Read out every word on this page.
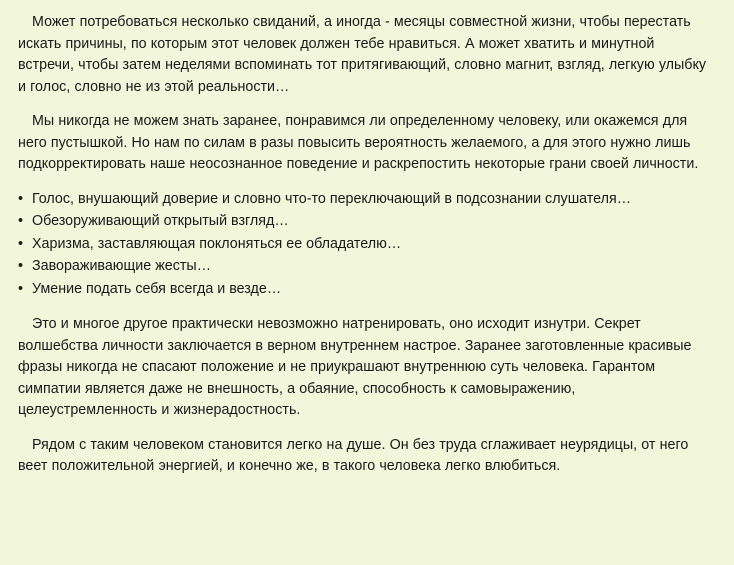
Может потребоваться несколько свиданий, а иногда - месяцы совместной жизни, чтобы перестать искать причины, по которым этот человек должен тебе нравиться. А может хватить и минутной встречи, чтобы затем неделями вспоминать тот притягивающий, словно магнит, взгляд, легкую улыбку и голос, словно не из этой реальности…

Мы никогда не можем знать заранее, понравимся ли определенному человеку, или окажемся для него пустышкой. Но нам по силам в разы повысить вероятность желаемого, а для этого нужно лишь подкорректировать наше неосознанное поведение и раскрепостить некоторые грани своей личности.

• Голос, внушающий доверие и словно что-то переключающий в подсознании слушателя…
• Обезоруживающий открытый взгляд…
• Харизма, заставляющая поклоняться ее обладателю…
• Завораживающие жесты…
• Умение подать себя всегда и везде…

Это и многое другое практически невозможно натренировать, оно исходит изнутри. Секрет волшебства личности заключается в верном внутреннем настрое. Заранее заготовленные красивые фразы никогда не спасают положение и не приукрашают внутреннюю суть человека. Гарантом симпатии является даже не внешность, а обаяние, способность к самовыражению, целеустремленность и жизнерадостность.

Рядом с таким человеком становится легко на душе. Он без труда сглаживает неурядицы, от него веет положительной энергией, и конечно же, в такого человека легко влюбиться.
